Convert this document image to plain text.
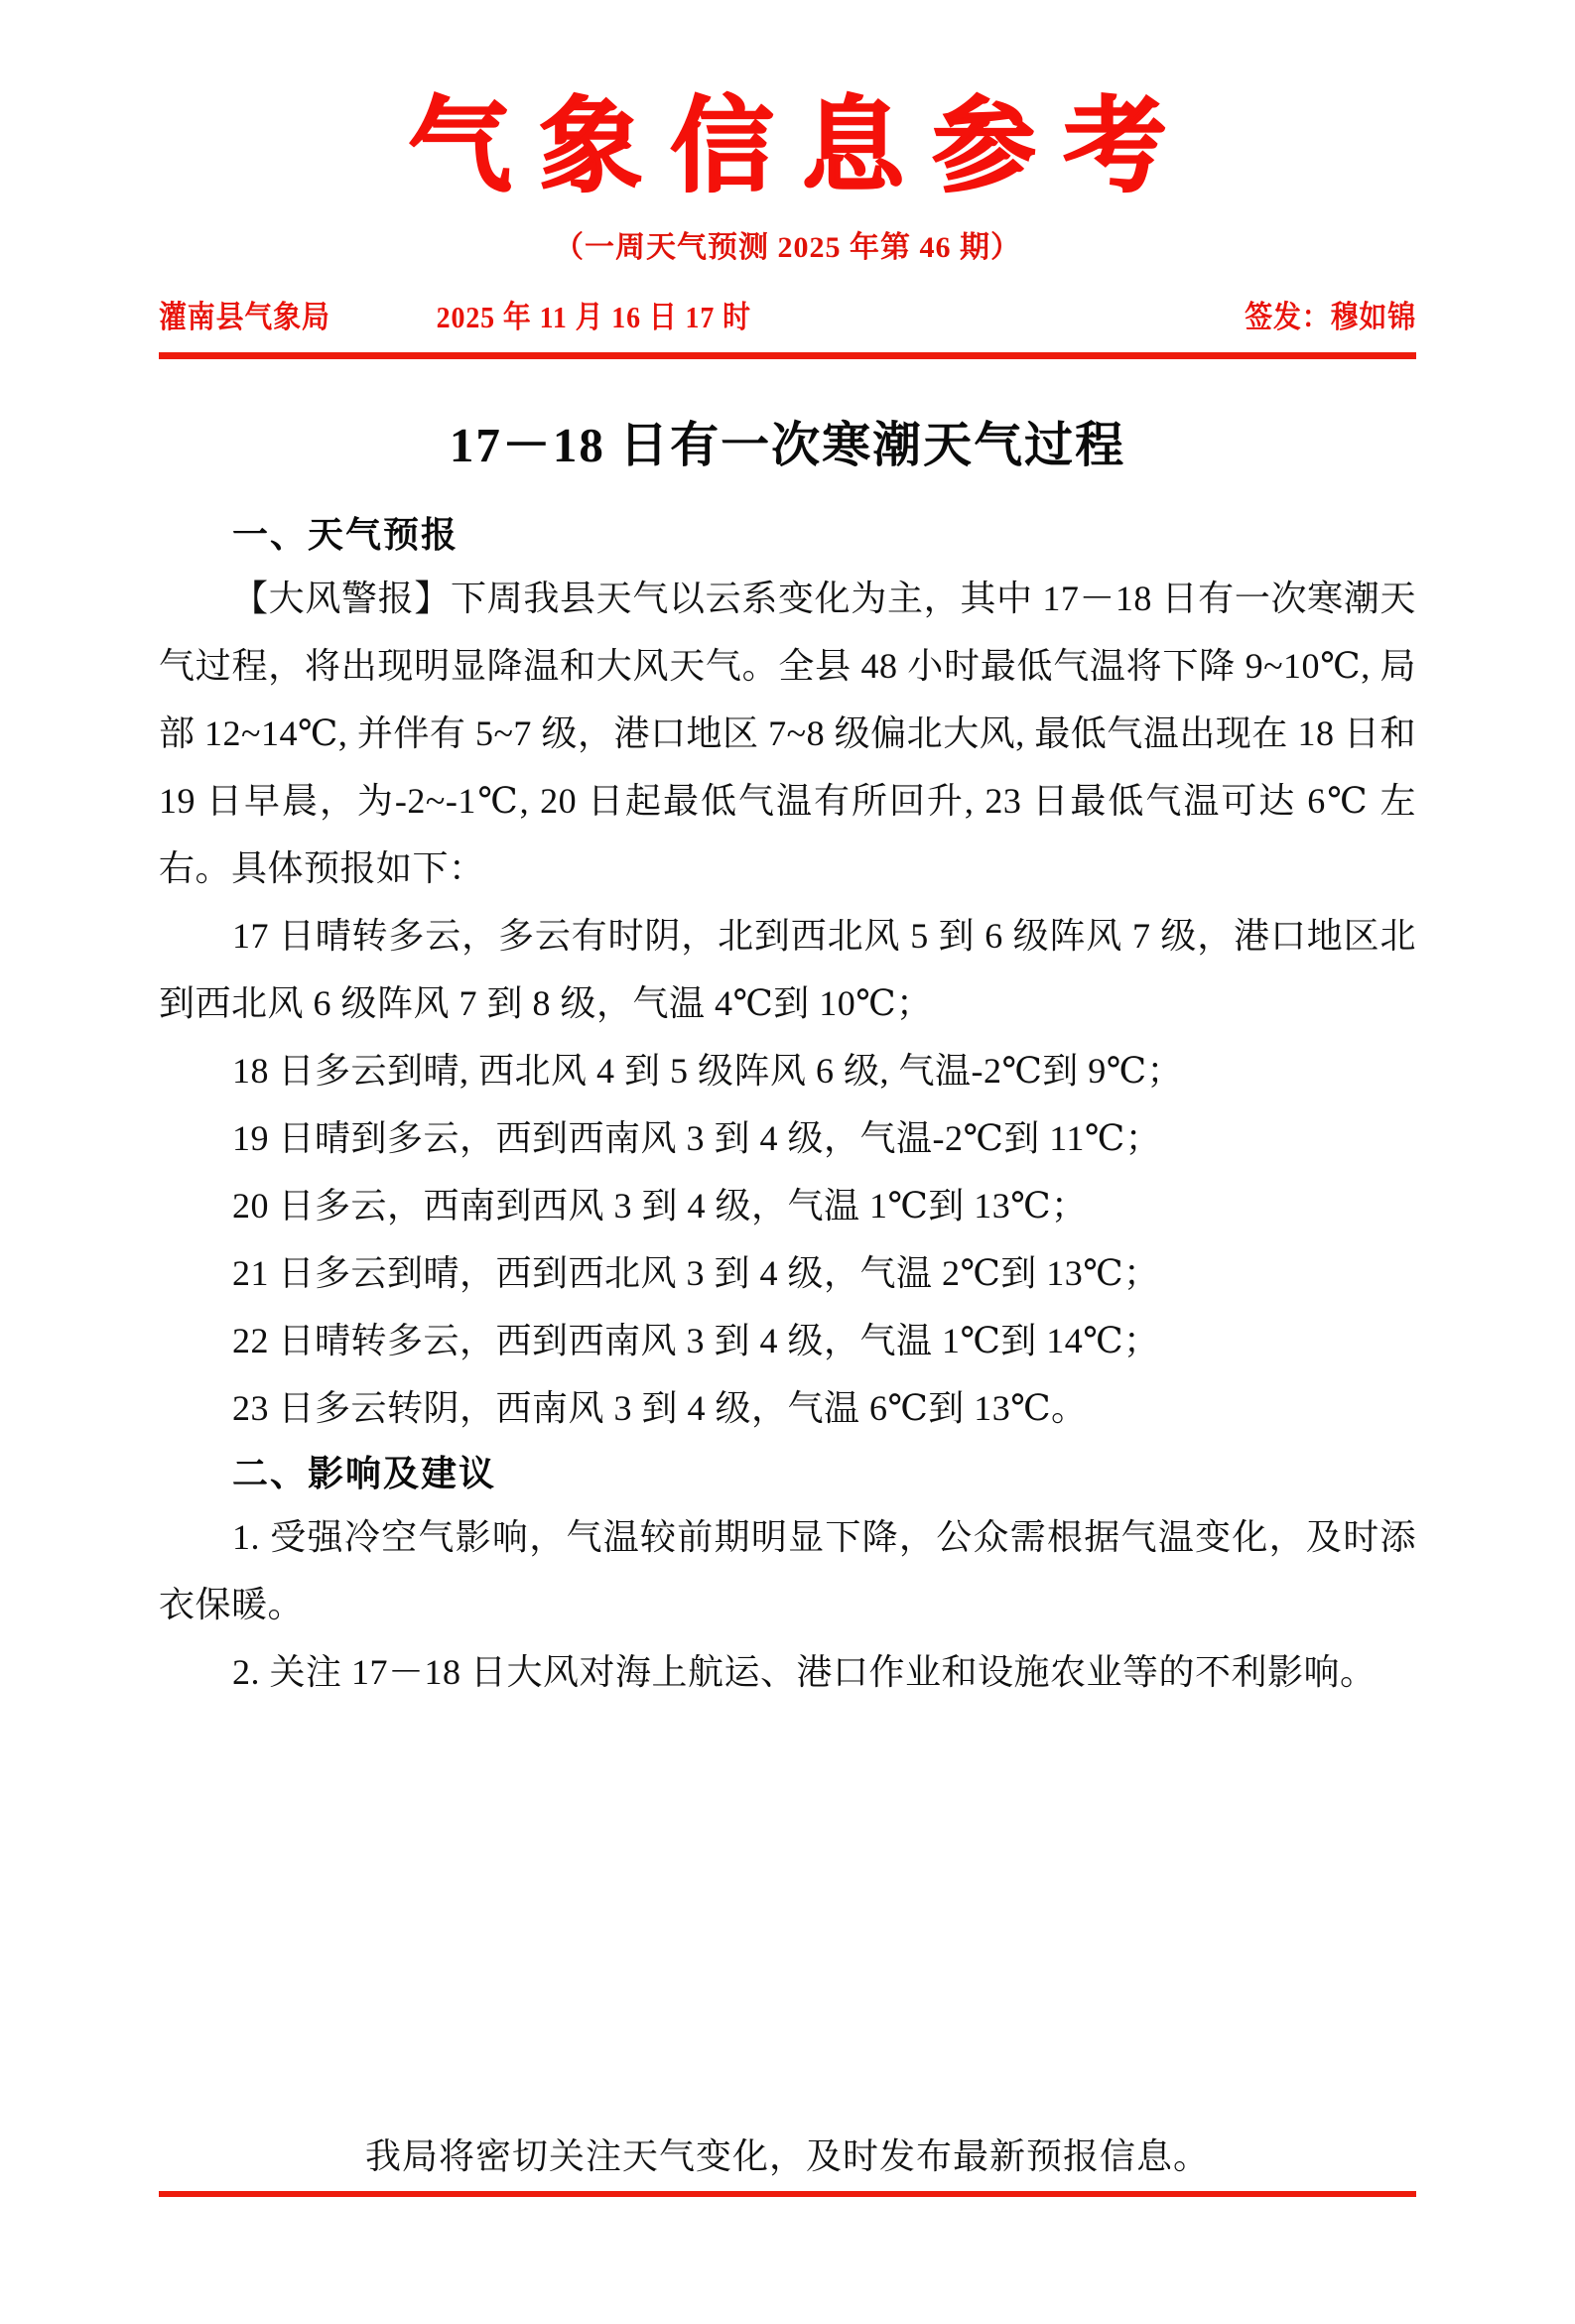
气象信息参考
（一周天气预测 2025 年第 46 期）
灌南县气象局	2025 年 11 月 16 日 17 时	签发：穆如锦
17－18 日有一次寒潮天气过程
一、天气预报

【大风警报】下周我县天气以云系变化为主，其中 17－18 日有一次寒潮天气过程，将出现明显降温和大风天气。全县 48 小时最低气温将下降 9~10℃, 局部 12~14℃, 并伴有 5~7 级，港口地区 7~8 级偏北大风, 最低气温出现在 18 日和 19 日早晨，为-2~-1℃, 20 日起最低气温有所回升, 23 日最低气温可达 6℃ 左右。具体预报如下：

17 日晴转多云，多云有时阴，北到西北风 5 到 6 级阵风 7 级，港口地区北到西北风 6 级阵风 7 到 8 级，气温 4℃到 10℃；

18 日多云到晴, 西北风 4 到 5 级阵风 6 级, 气温-2℃到 9℃；

19 日晴到多云，西到西南风 3 到 4 级，气温-2℃到 11℃；

20 日多云，西南到西风 3 到 4 级，气温 1℃到 13℃；

21 日多云到晴，西到西北风 3 到 4 级，气温 2℃到 13℃；

22 日晴转多云，西到西南风 3 到 4 级，气温 1℃到 14℃；

23 日多云转阴，西南风 3 到 4 级，气温 6℃到 13℃。

二、影响及建议

1. 受强冷空气影响，气温较前期明显下降，公众需根据气温变化，及时添衣保暖。

2. 关注 17－18 日大风对海上航运、港口作业和设施农业等的不利影响。

我局将密切关注天气变化，及时发布最新预报信息。
